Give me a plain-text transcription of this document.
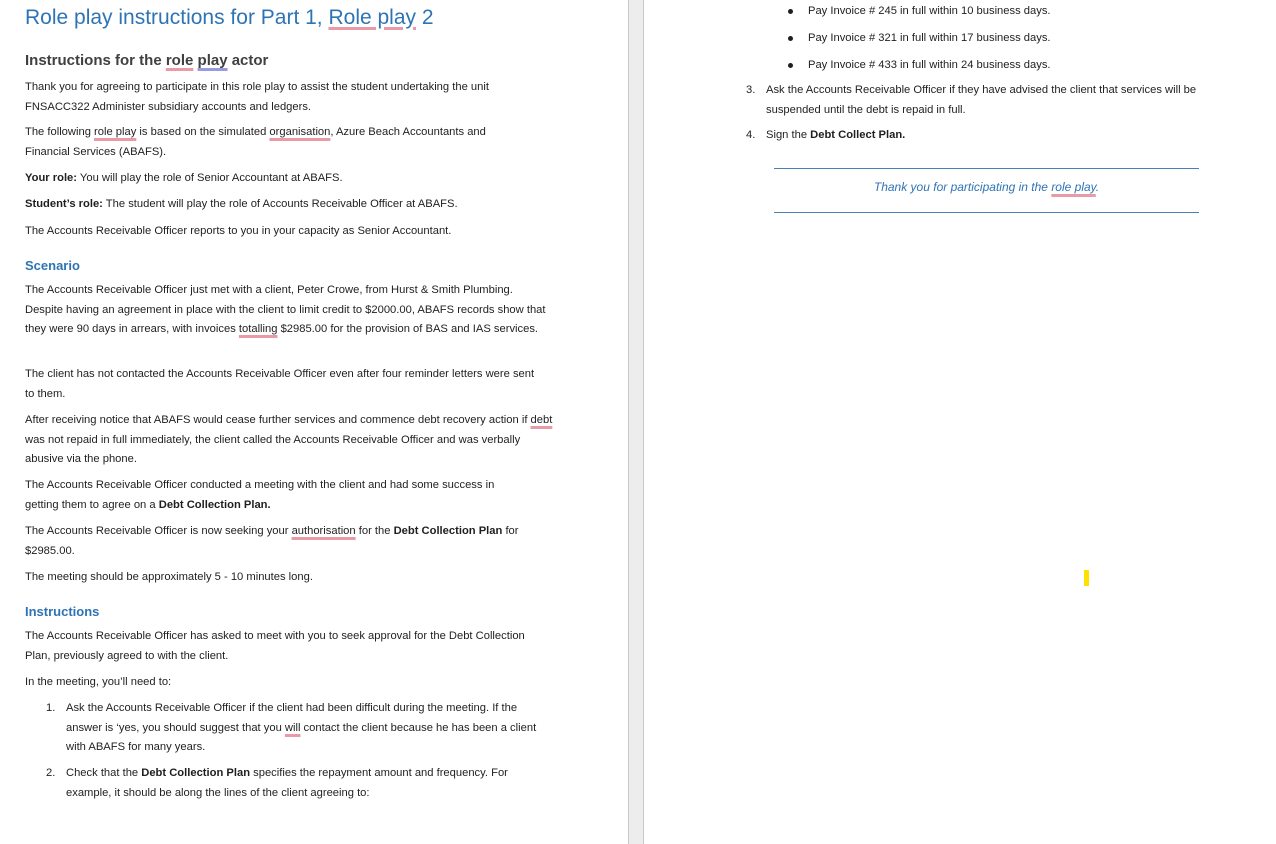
Role play instructions for Part 1, Role play 2
Instructions for the role play actor
Thank you for agreeing to participate in this role play to assist the student undertaking the unit FNSACC322 Administer subsidiary accounts and ledgers.
The following role play is based on the simulated organisation, Azure Beach Accountants and Financial Services (ABAFS).
Your role: You will play the role of Senior Accountant at ABAFS.
Student’s role: The student will play the role of Accounts Receivable Officer at ABAFS.
The Accounts Receivable Officer reports to you in your capacity as Senior Accountant.
Scenario
The Accounts Receivable Officer just met with a client, Peter Crowe, from Hurst & Smith Plumbing. Despite having an agreement in place with the client to limit credit to $2000.00, ABAFS records show that they were 90 days in arrears, with invoices totalling $2985.00 for the provision of BAS and IAS services.
The client has not contacted the Accounts Receivable Officer even after four reminder letters were sent to them.
After receiving notice that ABAFS would cease further services and commence debt recovery action if debt was not repaid in full immediately, the client called the Accounts Receivable Officer and was verbally abusive via the phone.
The Accounts Receivable Officer conducted a meeting with the client and had some success in getting them to agree on a Debt Collection Plan.
The Accounts Receivable Officer is now seeking your authorisation for the Debt Collection Plan for $2985.00.
The meeting should be approximately 5 - 10 minutes long.
Instructions
The Accounts Receivable Officer has asked to meet with you to seek approval for the Debt Collection Plan, previously agreed to with the client.
In the meeting, you’ll need to:
1. Ask the Accounts Receivable Officer if the client had been difficult during the meeting. If the answer is ‘yes, you should suggest that you will contact the client because he has been a client with ABAFS for many years.
2. Check that the Debt Collection Plan specifies the repayment amount and frequency. For example, it should be along the lines of the client agreeing to:
Pay Invoice # 245 in full within 10 business days.
Pay Invoice # 321 in full within 17 business days.
Pay Invoice # 433 in full within 24 business days.
3. Ask the Accounts Receivable Officer if they have advised the client that services will be suspended until the debt is repaid in full.
4. Sign the Debt Collect Plan.
Thank you for participating in the role play.
